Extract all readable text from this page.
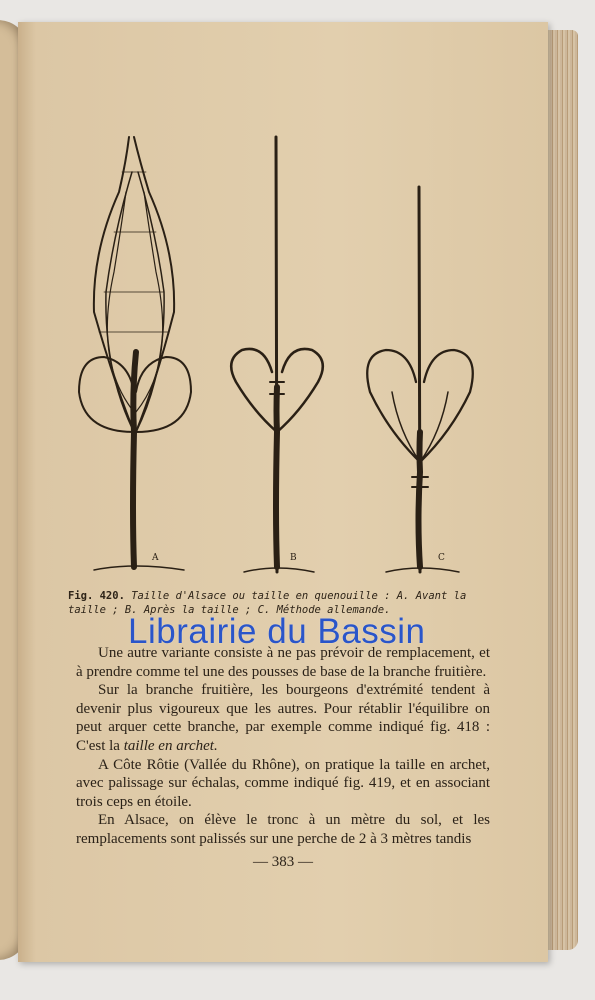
A	B	C
Fig. 420. Taille d'Alsace ou taille en quenouille : A. Avant la taille ; B. Après la taille ; C. Méthode allemande.

Une autre variante consiste à ne pas prévoir de remplacement, et à prendre comme tel une des pousses de base de la branche fruitière.

Sur la branche fruitière, les bourgeons d'extrémité tendent à devenir plus vigoureux que les autres. Pour rétablir l'équilibre on peut arquer cette branche, par exemple comme indiqué fig. 418 : C'est la taille en archet.

A Côte Rôtie (Vallée du Rhône), on pratique la taille en archet, avec palissage sur échalas, comme indiqué fig. 419, et en associant trois ceps en étoile.

En Alsace, on élève le tronc à un mètre du sol, et les remplacements sont palissés sur une perche de 2 à 3 mètres tandis

— 383 —
Librairie du Bassin
